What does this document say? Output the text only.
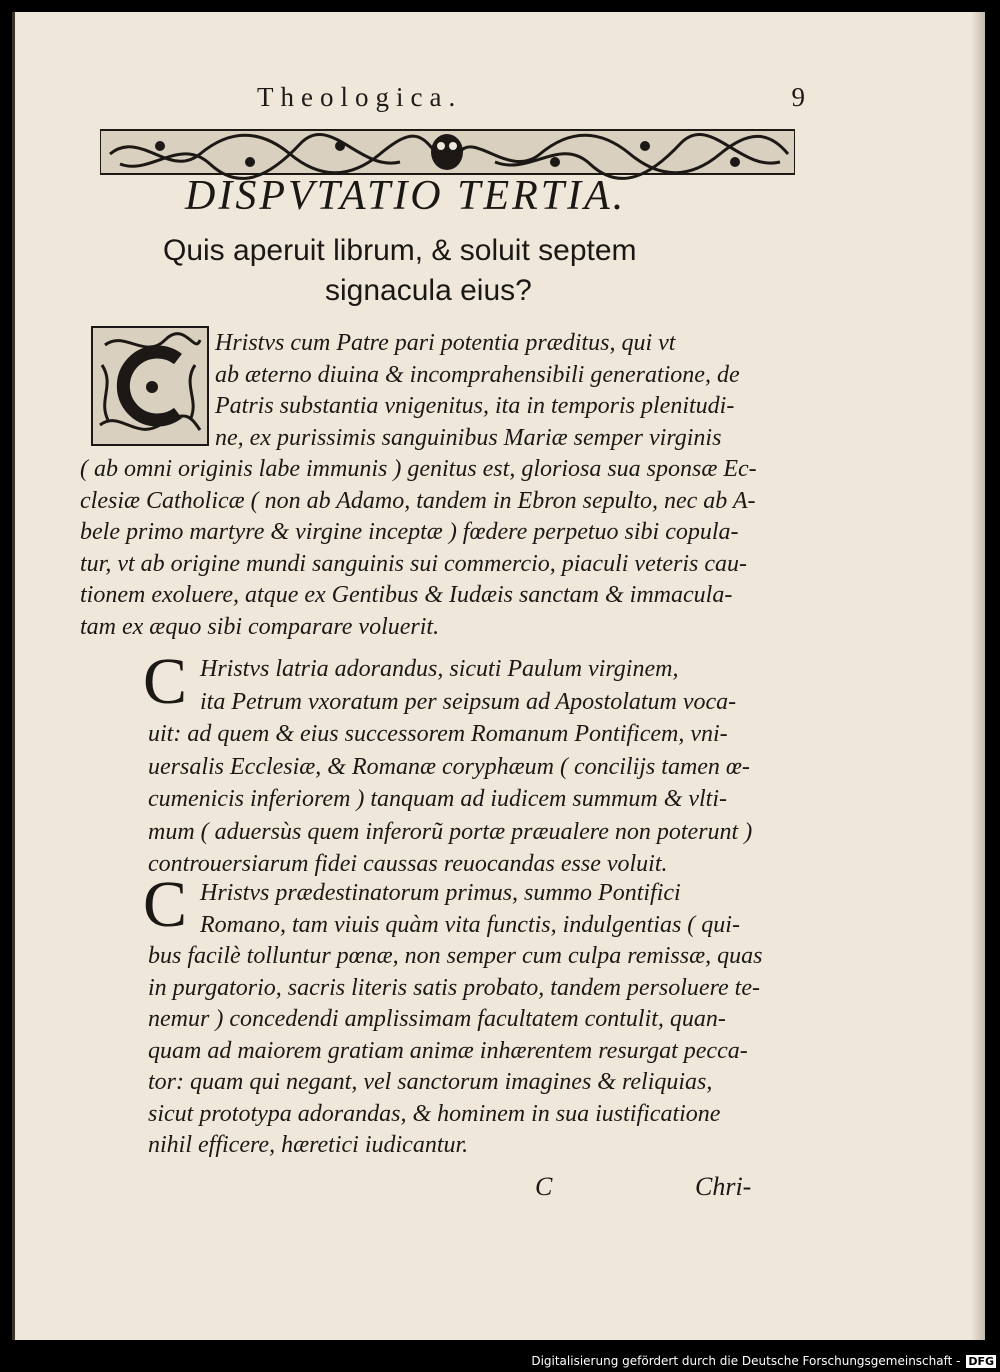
Theologica.	9
DISPVTATIO TERTIA.
Quis aperuit librum, & soluit septem
signacula eius?
Hristvs cum Patre pari potentia præditus, qui vt
ab æterno diuina & incomprahensibili generatione, de
Patris substantia vnigenitus, ita in temporis plenitudi-
ne, ex purissimis sanguinibus Mariæ semper virginis
( ab omni originis labe immunis ) genitus est, gloriosa sua sponsæ Ec-
clesiæ Catholicæ ( non ab Adamo, tandem in Ebron sepulto, nec ab A-
bele primo martyre & virgine inceptæ ) fœdere perpetuo sibi copula-
tur, vt ab origine mundi sanguinis sui commercio, piaculi veteris cau-
tionem exoluere, atque ex Gentibus & Iudæis sanctam & immacula-
tam ex æquo sibi comparare voluerit.
C Hristvs latria adorandus, sicuti Paulum virginem,
ita Petrum vxoratum per seipsum ad Apostolatum voca-
uit: ad quem & eius successorem Romanum Pontificem, vni-
uersalis Ecclesiæ, & Romanæ coryphæum ( concilijs tamen œ-
cumenicis inferiorem ) tanquam ad iudicem summum & vlti-
mum ( aduersùs quem inferorũ portæ præualere non poterunt )
controuersiarum fidei caussas reuocandas esse voluit.
C Hristvs prædestinatorum primus, summo Pontifici
Romano, tam viuis quàm vita functis, indulgentias ( qui-
bus facilè tolluntur pœnæ, non semper cum culpa remissæ, quas
in purgatorio, sacris literis satis probato, tandem persoluere te-
nemur ) concedendi amplissimam facultatem contulit, quan-
quam ad maiorem gratiam animæ inhærentem resurgat pecca-
tor: quam qui negant, vel sanctorum imagines & reliquias,
sicut prototypa adorandas, & hominem in sua iustificatione
nihil efficere, hæretici iudicantur.
C	Chri-
Digitalisierung gefördert durch die Deutsche Forschungsgemeinschaft - DFG
